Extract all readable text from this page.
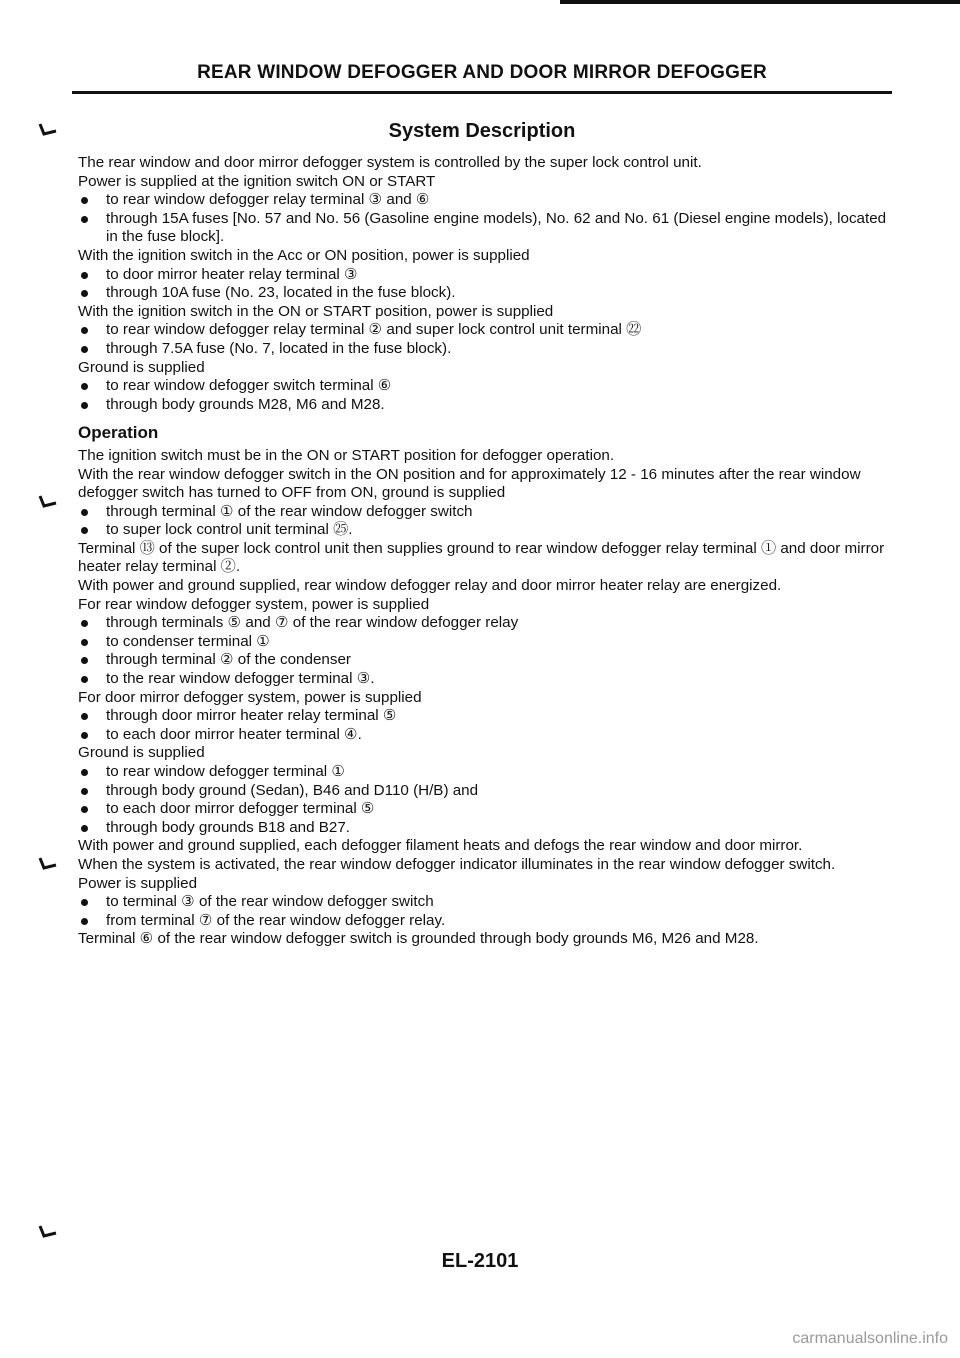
REAR WINDOW DEFOGGER AND DOOR MIRROR DEFOGGER
System Description
The rear window and door mirror defogger system is controlled by the super lock control unit.
Power is supplied at the ignition switch ON or START
to rear window defogger relay terminal ③ and ⑥
through 15A fuses [No. 57 and No. 56 (Gasoline engine models), No. 62 and No. 61 (Diesel engine models), located in the fuse block].
With the ignition switch in the Acc or ON position, power is supplied
to door mirror heater relay terminal ③
through 10A fuse (No. 23, located in the fuse block).
With the ignition switch in the ON or START position, power is supplied
to rear window defogger relay terminal ② and super lock control unit terminal ㉒
through 7.5A fuse (No. 7, located in the fuse block).
Ground is supplied
to rear window defogger switch terminal ⑥
through body grounds M28, M6 and M28.
Operation
The ignition switch must be in the ON or START position for defogger operation.
With the rear window defogger switch in the ON position and for approximately 12 - 16 minutes after the rear window defogger switch has turned to OFF from ON, ground is supplied
through terminal ① of the rear window defogger switch
to super lock control unit terminal ㉕.
Terminal ⑬ of the super lock control unit then supplies ground to rear window defogger relay terminal ① and door mirror heater relay terminal ②.
With power and ground supplied, rear window defogger relay and door mirror heater relay are energized.
For rear window defogger system, power is supplied
through terminals ⑤ and ⑦ of the rear window defogger relay
to condenser terminal ①
through terminal ② of the condenser
to the rear window defogger terminal ③.
For door mirror defogger system, power is supplied
through door mirror heater relay terminal ⑤
to each door mirror heater terminal ④.
Ground is supplied
to rear window defogger terminal ①
through body ground (Sedan), B46 and D110 (H/B) and
to each door mirror defogger terminal ⑤
through body grounds B18 and B27.
With power and ground supplied, each defogger filament heats and defogs the rear window and door mirror.
When the system is activated, the rear window defogger indicator illuminates in the rear window defogger switch.
Power is supplied
to terminal ③ of the rear window defogger switch
from terminal ⑦ of the rear window defogger relay.
Terminal ⑥ of the rear window defogger switch is grounded through body grounds M6, M26 and M28.
EL-2101
carmanualsonline.info
